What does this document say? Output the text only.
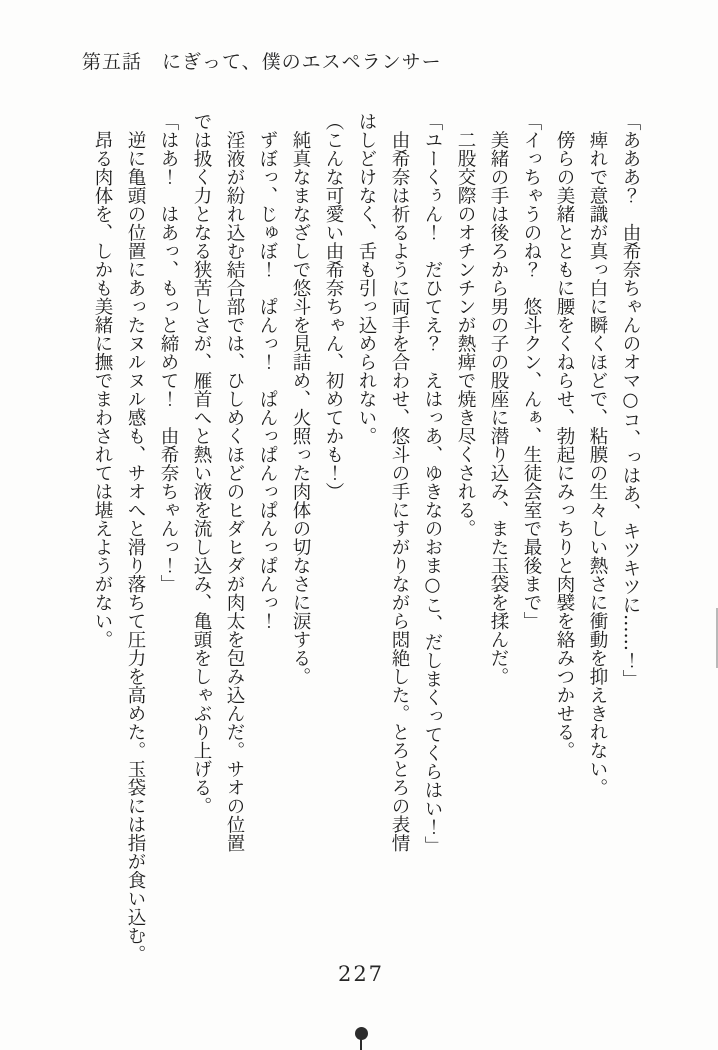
第五話　にぎって、僕のエスペランサー

「あああ？　由希奈ちゃんのオマ○コ、っはあ、キツキツに……！」

　痺れで意識が真っ白に瞬くほどで、粘膜の生々しい熱さに衝動を抑えきれない。

　傍らの美緒とともに腰をくねらせ、勃起にみっちりと肉襞を絡みつかせる。

「イっちゃうのね？　悠斗クン、んぁ、生徒会室で最後まで」

　美緒の手は後ろから男の子の股座に潜り込み、また玉袋を揉んだ。

　二股交際のオチンチンが熱痺で焼き尽くされる。

「ユーくぅん！　だひてえ？　えはっあ、ゆきなのおま○こ、だしまくってくらはい！」

　由希奈は祈るように両手を合わせ、悠斗の手にすがりながら悶絶した。とろとろの表情

はしどけなく、舌も引っ込められない。

（こんな可愛い由希奈ちゃん、初めてかも！）

　純真なまなざしで悠斗を見詰め、火照った肉体の切なさに涙する。

　ずぼっ、じゅぼ！　ぱんっ！　ぱんっぱんっぱんっぱんっ！

　淫液が紛れ込む結合部では、ひしめくほどのヒダヒダが肉太を包み込んだ。サオの位置

では扱く力となる狭苦しさが、雁首へと熱い液を流し込み、亀頭をしゃぶり上げる。

「はあ！　はあっ、もっと締めて！　由希奈ちゃんっ！」

　逆に亀頭の位置にあったヌルヌル感も、サオへと滑り落ちて圧力を高めた。玉袋には指が食い込む。

　昂る肉体を、しかも美緒に撫でまわされては堪えようがない。

227
